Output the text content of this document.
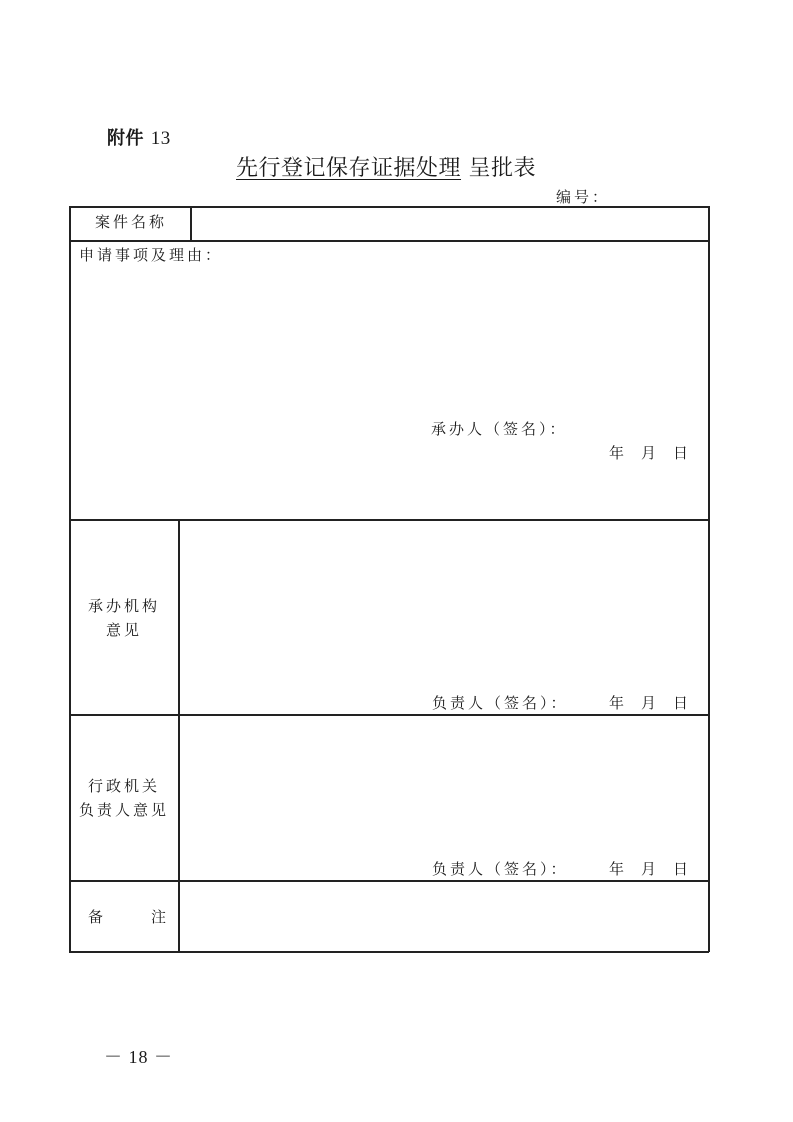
附件 13
先行登记保存证据处理 呈批表
编号：
案件名称
申请事项及理由：
承办人（签名）：
年　月　日
承办机构
意见
负责人（签名）：	年　月　日
行政机关
负责人意见
负责人（签名）：	年　月　日
备　　注
－ 18 －
